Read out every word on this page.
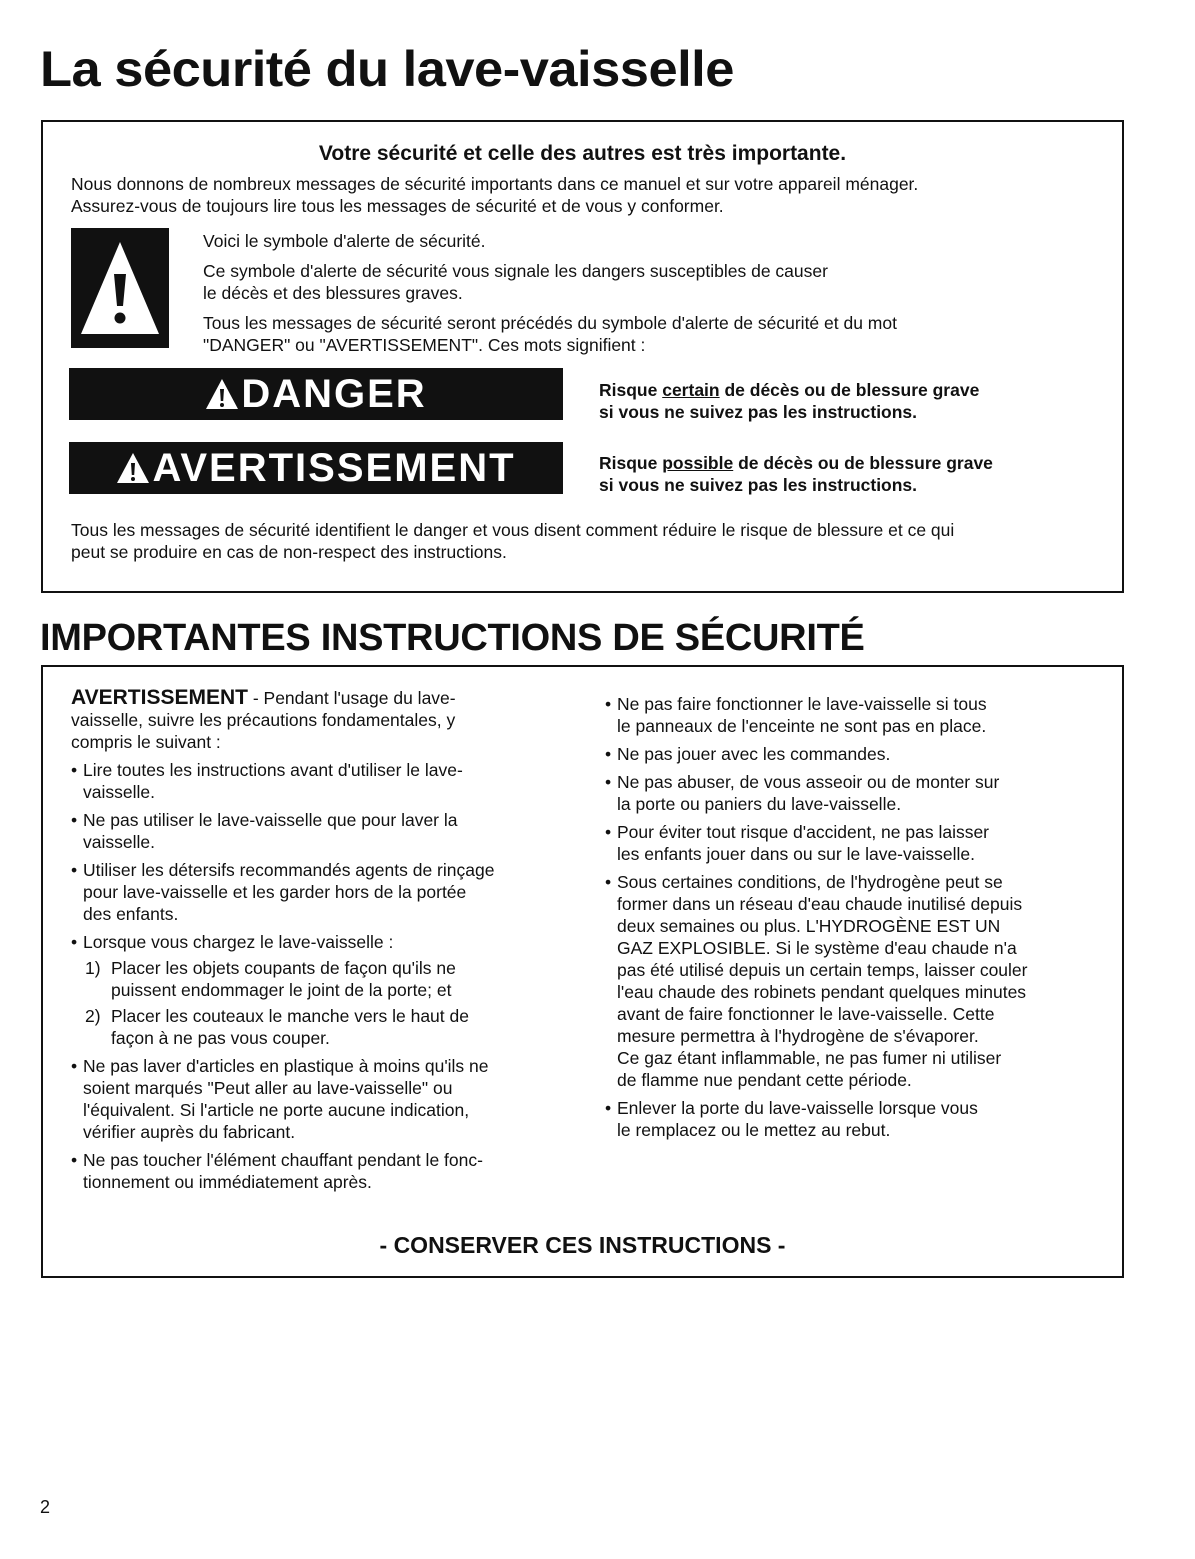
La sécurité du lave-vaisselle
Votre sécurité et celle des autres est très importante.
Nous donnons de nombreux messages de sécurité importants dans ce manuel et sur votre appareil ménager.
Assurez-vous de toujours lire tous les messages de sécurité et de vous y conformer.

Voici le symbole d'alerte de sécurité.

Ce symbole d'alerte de sécurité vous signale les dangers susceptibles de causer
le décès et des blessures graves.

Tous les messages de sécurité seront précédés du symbole d'alerte de sécurité et du mot
"DANGER" ou "AVERTISSEMENT". Ces mots signifient :

DANGER	Risque certain de décès ou de blessure grave
si vous ne suivez pas les instructions.
AVERTISSEMENT	Risque possible de décès ou de blessure grave
si vous ne suivez pas les instructions.
Tous les messages de sécurité identifient le danger et vous disent comment réduire le risque de blessure et ce qui
peut se produire en cas de non-respect des instructions.
IMPORTANTES INSTRUCTIONS DE SÉCURITÉ

AVERTISSEMENT - Pendant l'usage du lave-
vaisselle, suivre les précautions fondamentales, y
compris le suivant :

• Lire toutes les instructions avant d'utiliser le lave-
vaisselle.

• Ne pas utiliser le lave-vaisselle que pour laver la
vaisselle.

• Utiliser les détersifs recommandés agents de rinçage
pour lave-vaisselle et les garder hors de la portée
des enfants.

• Lorsque vous chargez le lave-vaisselle :

1) Placer les objets coupants de façon qu'ils ne
puissent endommager le joint de la porte; et

2) Placer les couteaux le manche vers le haut de
façon à ne pas vous couper.

• Ne pas laver d'articles en plastique à moins qu'ils ne
soient marqués "Peut aller au lave-vaisselle" ou
l'équivalent. Si l'article ne porte aucune indication,
vérifier auprès du fabricant.

• Ne pas toucher l'élément chauffant pendant le fonc-
tionnement ou immédiatement après.

• Ne pas faire fonctionner le lave-vaisselle si tous
le panneaux de l'enceinte ne sont pas en place.

• Ne pas jouer avec les commandes.

• Ne pas abuser, de vous asseoir ou de monter sur
la porte ou paniers du lave-vaisselle.

• Pour éviter tout risque d'accident, ne pas laisser
les enfants jouer dans ou sur le lave-vaisselle.

• Sous certaines conditions, de l'hydrogène peut se
former dans un réseau d'eau chaude inutilisé depuis
deux semaines ou plus. L'HYDROGÈNE EST UN
GAZ EXPLOSIBLE. Si le système d'eau chaude n'a
pas été utilisé depuis un certain temps, laisser couler
l'eau chaude des robinets pendant quelques minutes
avant de faire fonctionner le lave-vaisselle. Cette
mesure permettra à l'hydrogène de s'évaporer.
Ce gaz étant inflammable, ne pas fumer ni utiliser
de flamme nue pendant cette période.

• Enlever la porte du lave-vaisselle lorsque vous
le remplacez ou le mettez au rebut.

- CONSERVER CES INSTRUCTIONS -
2
